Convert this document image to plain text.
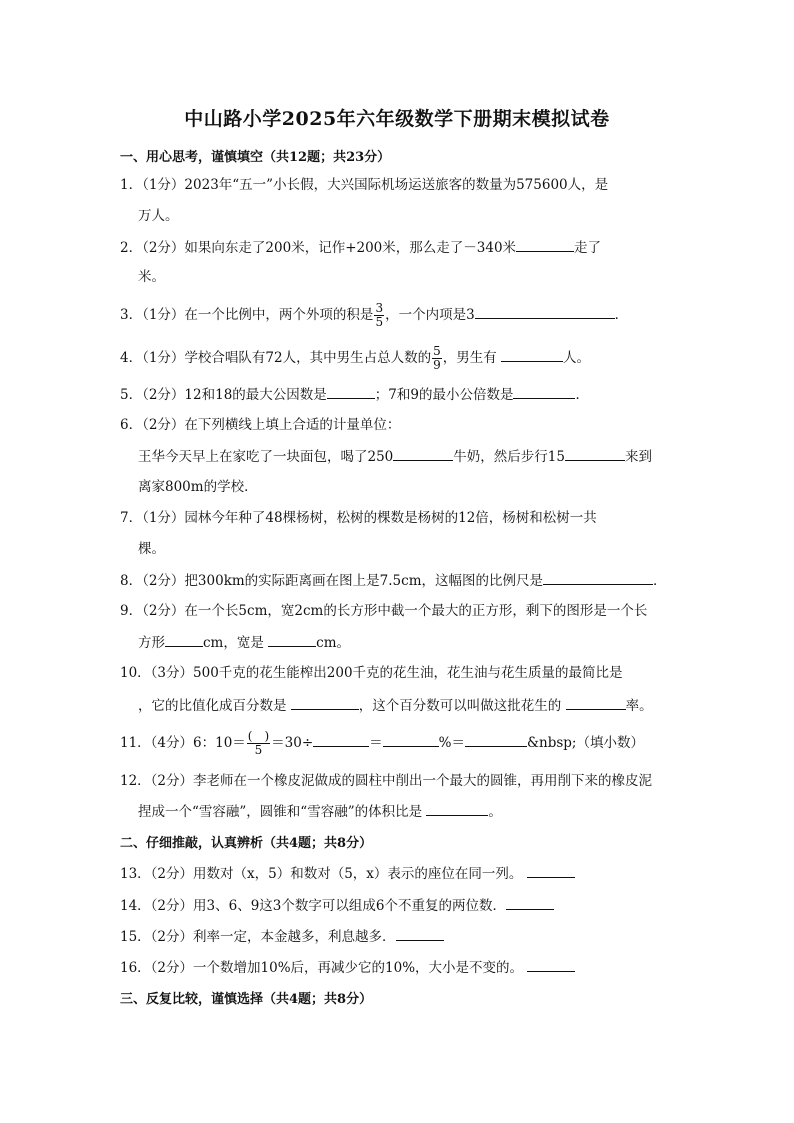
中山路小学2025年六年级数学下册期末模拟试卷
一、用心思考，谨慎填空（共12题；共23分）
1．（1分）2023年“五一”小长假，大兴国际机场运送旅客的数量为575600人，是
万人。
2．（2分）如果向东走了200米，记作+200米，那么走了－340米	走了
米。
3．（1分）在一个比例中，两个外项的积是 $\frac{3}{5}$ ，一个内项是3	．
4．（1分）学校合唱队有72人，其中男生占总人数的 $\frac{5}{9}$ ，男生有	人。
5．（2分）12和18的最大公因数是	；7和9的最小公倍数是	．
6．（2分）在下列横线上填上合适的计量单位：
王华今天早上在家吃了一块面包，喝了250	牛奶，然后步行15	来到
离家800m的学校．
7．（1分）园林今年种了48棵杨树，松树的棵数是杨树的12倍，杨树和松树一共
棵。
8．（2分）把300km的实际距离画在图上是7.5cm，这幅图的比例尺是	．
9．（2分）在一个长5cm，宽2cm的长方形中截一个最大的正方形，剩下的图形是一个长
方形	cm，宽是	cm。
10．（3分）500千克的花生能榨出200千克的花生油，花生油与花生质量的最简比是
，它的比值化成百分数是	，这个百分数可以叫做这批花生的	率。
11．（4分）6：$10= \frac{( )}{5} =30\div$	＝	%＝	&nbsp;（填小数）
12．（2分）李老师在一个橡皮泥做成的圆柱中削出一个最大的圆锥，再用削下来的橡皮泥
捏成一个“雪容融”，圆锥和“雪容融”的体积比是	。
二、仔细推敲，认真辨析（共4题；共8分）
13．（2分）用数对（x，5）和数对（5，x）表示的座位在同一列。
14．（2分）用3、6、9这3个数字可以组成6个不重复的两位数．
15．（2分）利率一定，本金越多，利息越多．
16．（2分）一个数增加10%后，再减少它的10%，大小是不变的。
三、反复比较，谨慎选择（共4题；共8分）
